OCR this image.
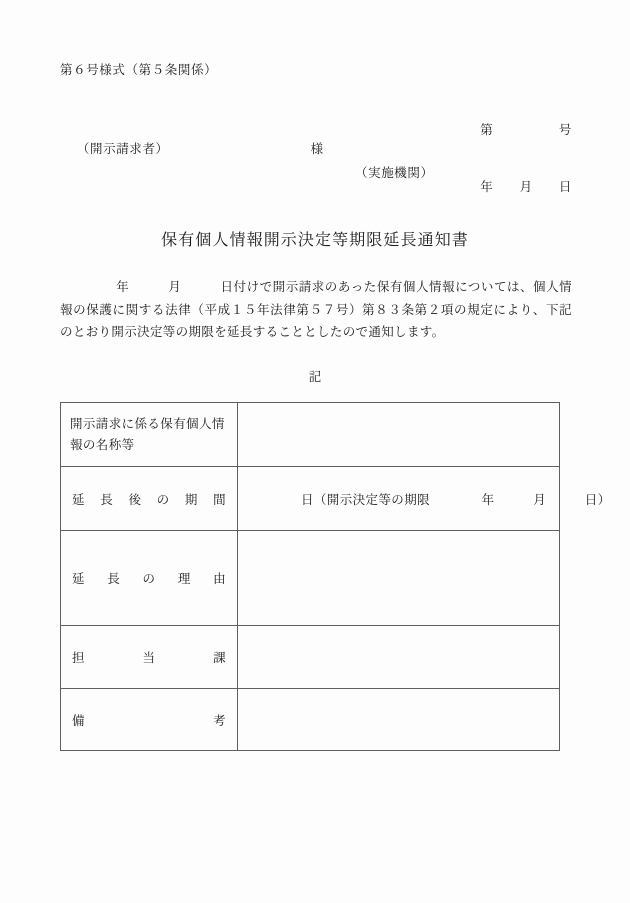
第６号様式（第５条関係）

第　　　　　号

年　　月　　日

（開示請求者）	様

（実施機関）
保有個人情報開示決定等期限延長通知書
年　　　月　　　日付けで開示請求のあった保有個人情報については、個人情報の保護に関する法律（平成１５年法律第５７号）第８３条第２項の規定により、下記のとおり開示決定等の期限を延長することとしたので通知します。
記
開示請求に係る保有個人情報の名称等	

延長後の期間	日（開示決定等の期限　　　　年　　　月　　　日）

延長の理由	

担当課	

備考	
